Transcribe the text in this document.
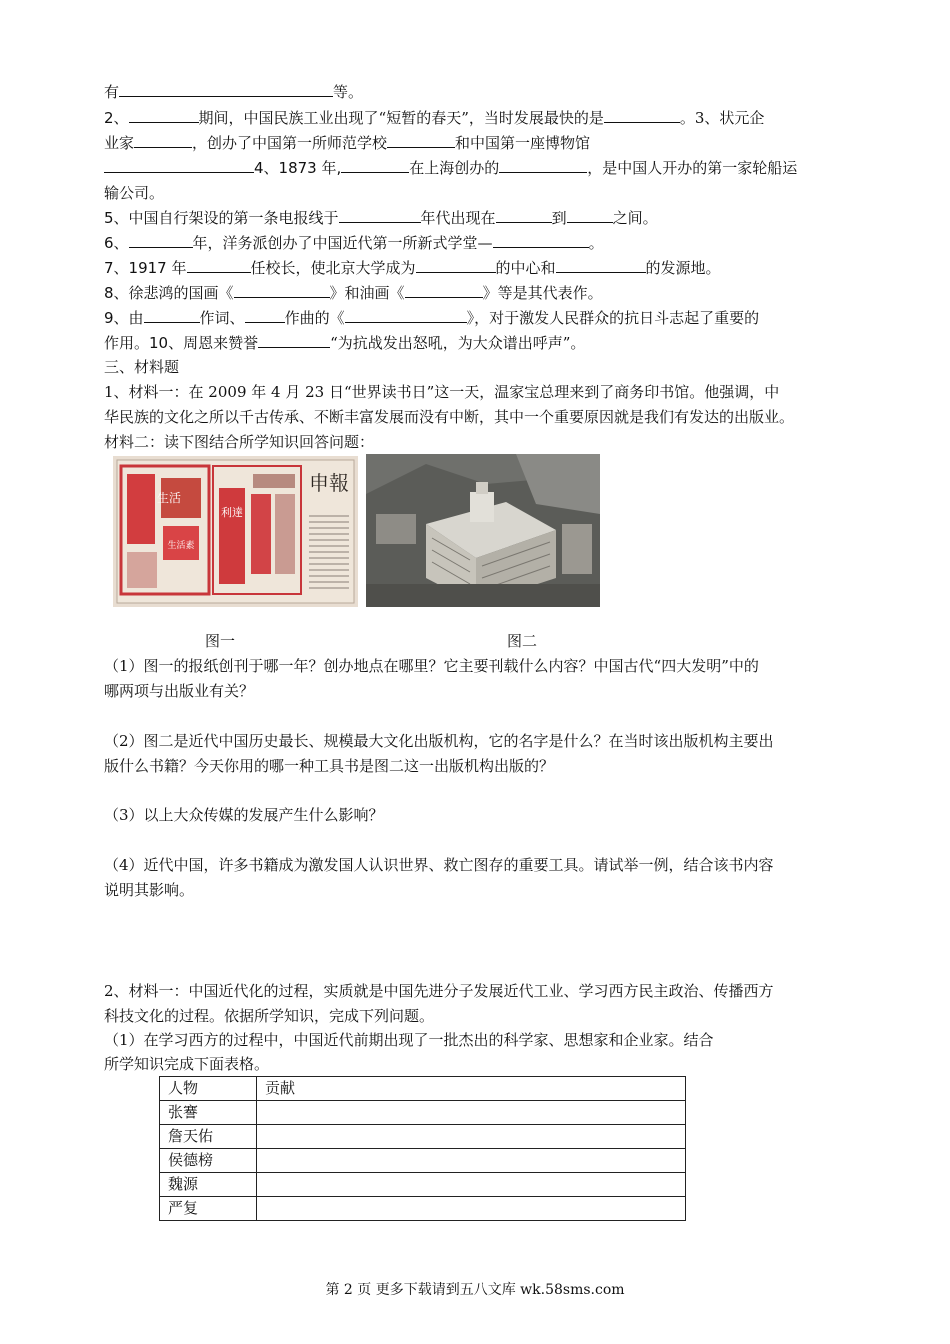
有	等。
2、	期间，中国民族工业出现了“短暂的春天”，当时发展最快的是	。3、状元企
业家	，创办了中国第一所师范学校	和中国第一座博物馆
4、1873 年,	在上海创办的	，是中国人开办的第一家轮船运
输公司。
5、中国自行架设的第一条电报线于	年代出现在	到	之间。
6、	年，洋务派创办了中国近代第一所新式学堂—	。
7、1917 年	任校长，使北京大学成为	的中心和	的发源地。
8、徐悲鸿的国画《	》和油画《	》等是其代表作。
9、由	作词、	作曲的《	》，对于激发人民群众的抗日斗志起了重要的
作用。10、周恩来赞誉	“为抗战发出怒吼，为大众谱出呼声”。
三、材料题
1、材料一：在 2009 年 4 月 23 日“世界读书日”这一天，温家宝总理来到了商务印书馆。他强调，中
华民族的文化之所以千古传承、不断丰富发展而没有中断，其中一个重要原因就是我们有发达的出版业。
材料二：读下图结合所学知识回答问题：
申報
生活
利達
生活素
图一	图二
（1）图一的报纸创刊于哪一年？创办地点在哪里？它主要刊载什么内容？中国古代“四大发明”中的
哪两项与出版业有关？
（2）图二是近代中国历史最长、规模最大文化出版机构，它的名字是什么？在当时该出版机构主要出
版什么书籍？今天你用的哪一种工具书是图二这一出版机构出版的？
（3）以上大众传媒的发展产生什么影响？
（4）近代中国，许多书籍成为激发国人认识世界、救亡图存的重要工具。请试举一例，结合该书内容
说明其影响。
2、材料一：中国近代化的过程，实质就是中国先进分子发展近代工业、学习西方民主政治、传播西方
科技文化的过程。依据所学知识，完成下列问题。
（1）在学习西方的过程中，中国近代前期出现了一批杰出的科学家、思想家和企业家。结合
所学知识完成下面表格。
人物	贡献
张謇	
詹天佑	
侯德榜	
魏源	
严复	
第 2 页 更多下载请到五八文库 wk.58sms.com
